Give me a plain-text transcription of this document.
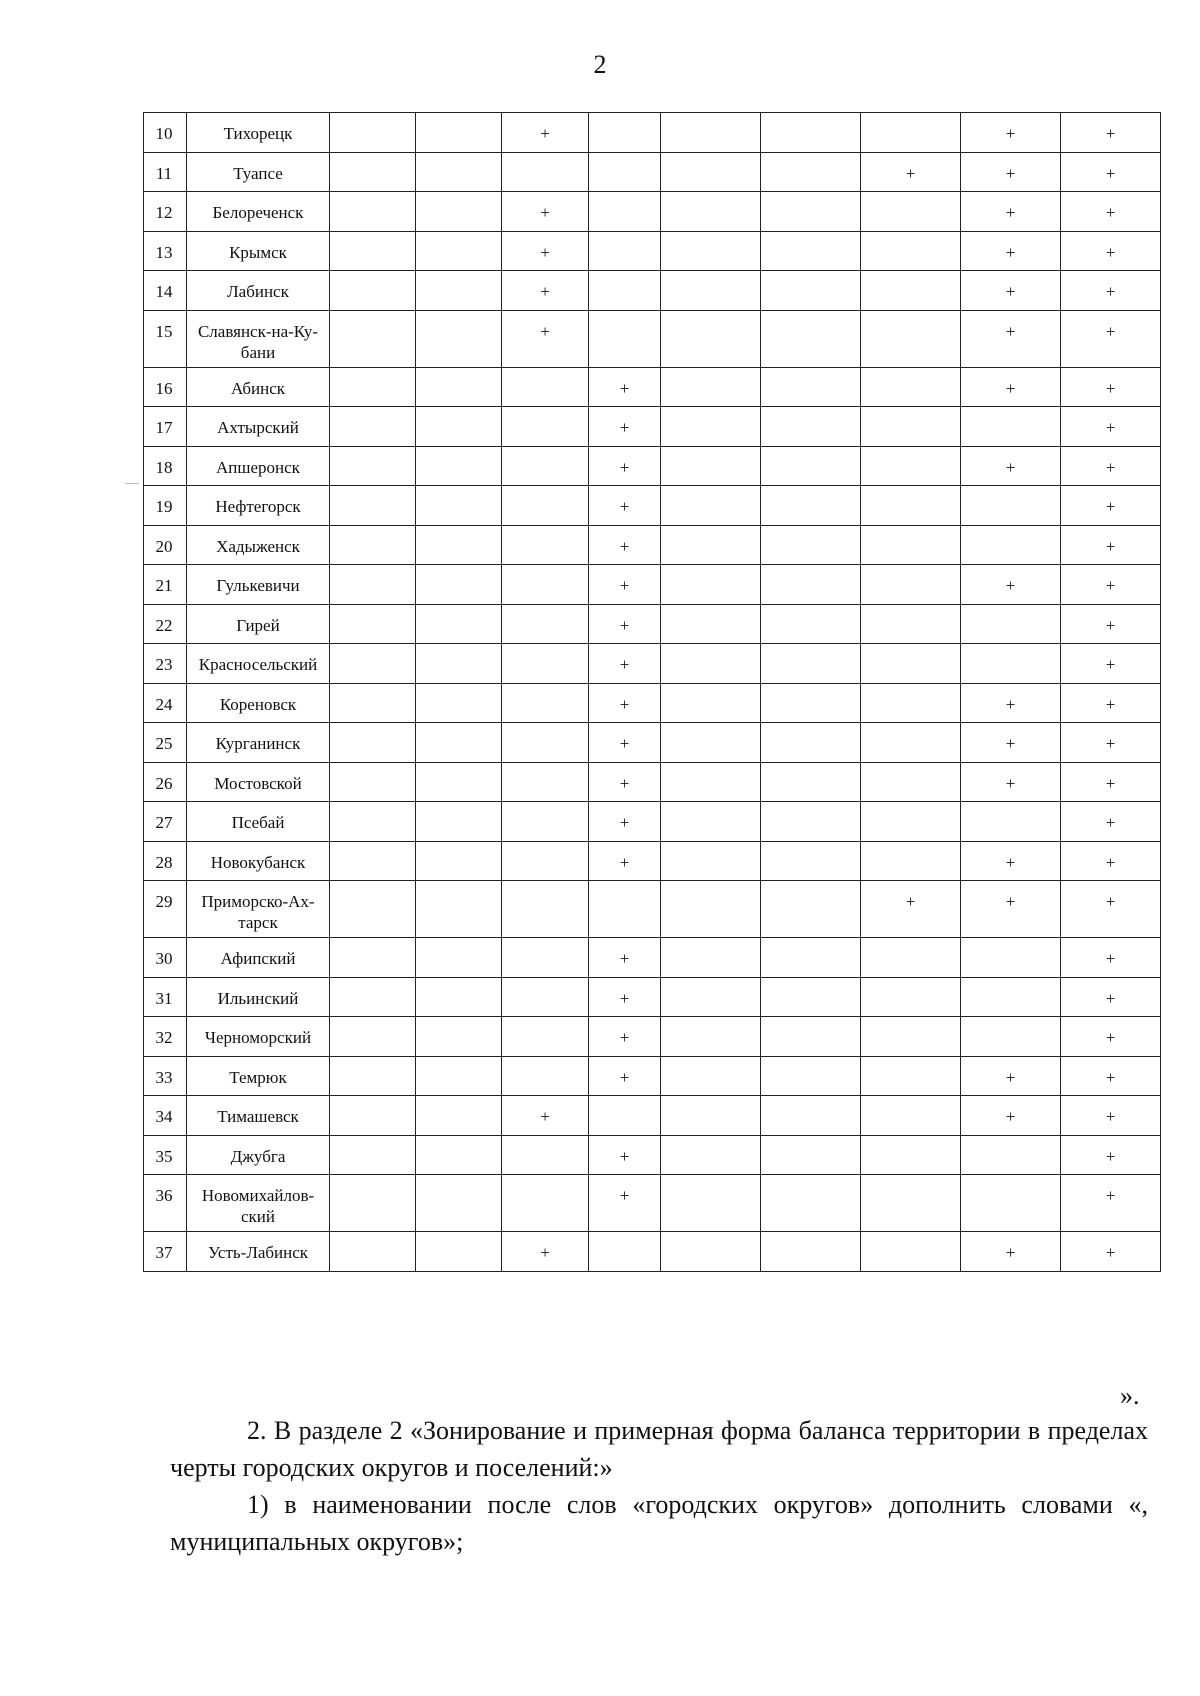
2
10	Тихорецк			+					+	+
11	Туапсе							+	+	+
12	Белореченск			+					+	+
13	Крымск			+					+	+
14	Лабинск			+					+	+
15	Славянск-на-Ку-бани			+					+	+
16	Абинск				+				+	+
17	Ахтырский				+					+
18	Апшеронск				+				+	+
19	Нефтегорск				+					+
20	Хадыженск				+					+
21	Гулькевичи				+				+	+
22	Гирей				+					+
23	Красносельский				+					+
24	Кореновск				+				+	+
25	Курганинск				+				+	+
26	Мостовской				+				+	+
27	Псебай				+					+
28	Новокубанск				+				+	+
29	Приморско-Ах-тарск							+	+	+
30	Афипский				+					+
31	Ильинский				+					+
32	Черноморский				+					+
33	Темрюк				+				+	+
34	Тимашевск			+					+	+
35	Джубга				+					+
36	Новомихайлов-ский				+					+
37	Усть-Лабинск			+					+	+
».
2. В разделе 2 «Зонирование и примерная форма баланса территории в пределах черты городских округов и поселений:»
1) в наименовании после слов «городских округов» дополнить словами «, муниципальных округов»;
